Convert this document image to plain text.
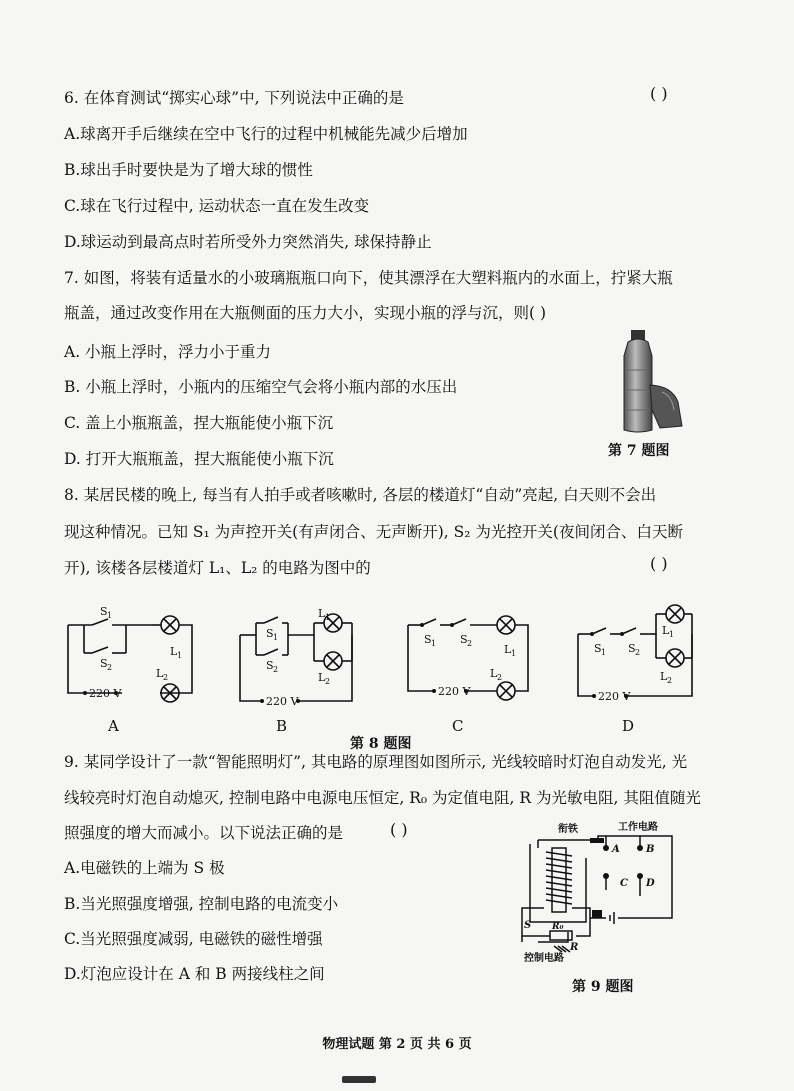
6. 在体育测试“掷实心球”中, 下列说法中正确的是	( )
A.球离开手后继续在空中飞行的过程中机械能先减少后增加
B.球出手时要快是为了增大球的惯性
C.球在飞行过程中, 运动状态一直在发生改变
D.球运动到最高点时若所受外力突然消失, 球保持静止
7. 如图，将装有适量水的小玻璃瓶瓶口向下，使其漂浮在大塑料瓶内的水面上，拧紧大瓶
瓶盖，通过改变作用在大瓶侧面的压力大小，实现小瓶的浮与沉，则( )
A. 小瓶上浮时，浮力小于重力
B. 小瓶上浮时，小瓶内的压缩空气会将小瓶内部的水压出
C. 盖上小瓶瓶盖，捏大瓶能使小瓶下沉
D. 打开大瓶瓶盖，捏大瓶能使小瓶下沉	第 7 题图
8. 某居民楼的晚上, 每当有人拍手或者咳嗽时, 各层的楼道灯“自动”亮起, 白天则不会出
现这种情况。已知 S₁ 为声控开关(有声闭合、无声断开), S₂ 为光控开关(夜间闭合、白天断
开), 该楼各层楼道灯 L₁、L₂ 的电路为图中的	( )
S 1
S 2
L 1
L 2
220 V
S 1
S 2
L 1
L 2
220 V
S 1 S 2	L 1
L 2
220 V
S 1 S 2
L 1
L 2
220 V
A	B	C	D
第 8 题图
9. 某同学设计了一款“智能照明灯”, 其电路的原理图如图所示, 光线较暗时灯泡自动发光, 光
线较亮时灯泡自动熄灭, 控制电路中电源电压恒定, R₀ 为定值电阻, R 为光敏电阻, 其阻值随光
照强度的增大而减小。以下说法正确的是	( )
A.电磁铁的上端为 S 极
B.当光照强度增强, 控制电路的电流变小
C.当光照强度减弱, 电磁铁的磁性增强
D.灯泡应设计在 A 和 B 两接线柱之间
工作电路
衔铁
A	B
C D
S R₀
R
控制电路
第 9 题图
物理试题 第 2 页 共 6 页
